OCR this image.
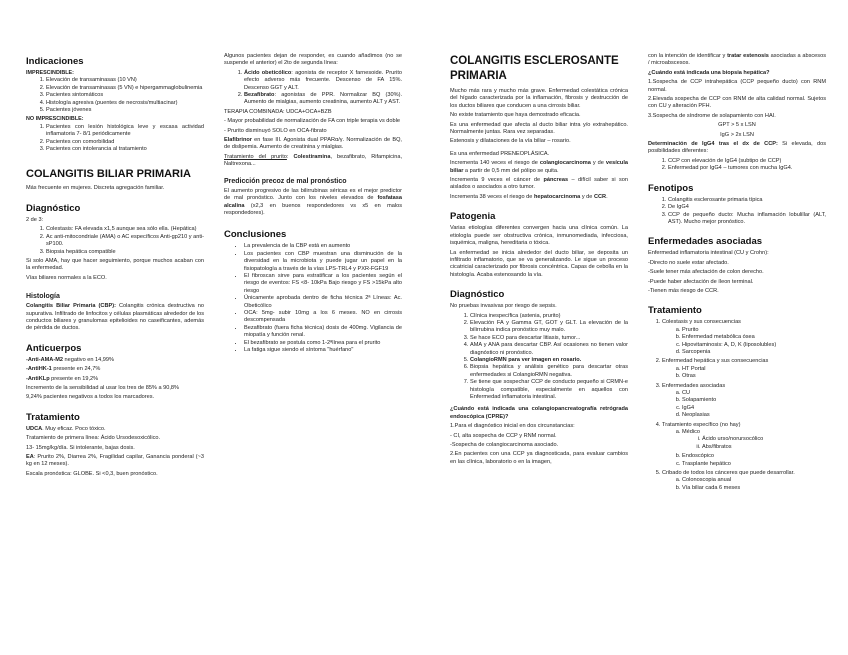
Indicaciones
IMPRESCINDIBLE:
1. Elevación de transaminasas (10 VN)
2. Elevación de transaminasas (5 VN) e hipergammaglobulinemia
3. Pacientes sintomáticos
4. Histología agresiva (puentes de necrosis/multiacinar)
5. Pacientes jóvenes
NO IMPRESCINDIBLE:
1. Pacientes con lesión histológica leve y escasa actividad inflamatoria 7- 8/1 periódicamente
2. Pacientes con comorbilidad
3. Pacientes con intolerancia al tratamiento
COLANGITIS BILIAR PRIMARIA

Más frecuente en mujeres. Discreta agregación familiar.

Diagnóstico

2 de 3:

1. Colestasis: FA elevada x1,5 aunque sea sólo ella. (Hepática)
2. Ac anti-mitocondriale (AMA) o AC específicos Anti-gp210 y anti-sP100.
3. Biopsia hepática compatible

Si solo AMA, hay que hacer seguimiento, porque muchos acaban con la enfermedad.

Vías biliares normales a la ECO.

Histología

Colangitis Biliar Primaria (CBP): Colangitis crónica destructiva no supurativa. Infiltrado de linfocitos y células plasmáticas alrededor de los conductos biliares y granulomas epitelioides no caseificantes, además de pérdida de ductos.

Anticuerpos

-Anti-AMA-M2 negativo en 14,99%

-AntiHK-1 presente en 24,7%

-AntiKLp presente en 19,2%

Incremento de la sensibilidad al usar los tres de 85% a 90,8%

9,24% pacientes negativos a todos los marcadores.

Tratamiento

UDCA. Muy eficaz. Poco tóxico.

Tratamiento de primera línea: Ácido Ursodesoxicólico.

13- 15mg/kg/día. Si intolerante, bajas dosis.

EA: Prurito 2%, Diarrea 2%, Fragilidad capilar, Ganancia ponderal (~3 kg en 12 meses).

Escala pronóstica: GLOBE. Si <0,3, buen pronóstico.

Algunos pacientes dejan de responder, es cuando añadimos (no se suspende el anterior) el 2to de segunda línea:

1. Ácido obeticólico: agonista de receptor X farnesoide. Prurito efecto adverso más frecuente. Descenso de FA 15%. Descenso GGT y ALT.
2. Bezafibrato: agonistas de PPR. Normalizar BQ (30%). Aumento de mialgias, aumento creatinina, aumento ALT y AST.

TERAPIA COMBINADA: UDCA+OCA+BZB

- Mayor probabilidad de normalización de FA con triple terapia vs doble

- Prurito disminuyó SOLO en OCA-fibrato

Elafibrinor en fase III. Agonista dual PPARα/γ. Normalización de BQ, de dislipemia. Aumento de creatinina y mialgias.

Tratamiento del prurito: Colestiramina, bezafibrato, Rifampicina, Naltrexona...

Predicción precoz de mal pronóstico

El aumento progresivo de las bilirrubinas séricas es el mejor predictor de mal pronóstico. Junto con los niveles elevados de fosfatasa alcalina (x2,3 en buenos respondedores vs x5 en malos respondedores).

Conclusiones
• La prevalencia de la CBP está en aumento
• Los pacientes con CBP muestran una disminución de la diversidad en la microbiota y puede jugar un papel en la fisiopatología a través de la vías LPS-TRL4 y PXR-FGF19
• El fibroscan sirve para estratificar a los pacientes según el riesgo de eventos: FS <8- 10kPa Bajo riesgo y FS >15kPa alto riesgo
• Únicamente aprobada dentro de ficha técnica 2ª Líneas: Ac. Obeticólico
• OCA: 5mg- subir 10mg a los 6 meses. NO en cirrosis descompensada
• Bezafibrato (fuera ficha técnica) dosis de 400mg. Vigilancia de miopatía y función renal.
• El bezafibrato se postula como 1-2ªlínea para el prurito
• La fatiga sigue siendo el síntoma "huérfano"
COLANGITIS ESCLEROSANTE PRIMARIA

Mucho más rara y mucho más grave. Enfermedad colestática crónica del hígado caracterizada por la inflamación, fibrosis y destrucción de los ductos biliares que conducen a una cirrosis biliar.

No existe tratamiento que haya demostrado eficacia.

Es una enfermedad que afecta al ducto biliar intra y/o extrahepático. Normalmente juntas. Rara vez separadas.

Estenosis y dilataciones de la vía biliar – rosario.

Es una enfermedad PRENEOPLÁSICA.

Incrementa 140 veces el riesgo de colangiocarcinoma y de vesícula biliar a partir de 0,5 mm del pólipo se quita.

Incrementa 9 veces el cáncer de páncreas – difícil saber si son aislados o asociados a otro tumor.

Incrementa 38 veces el riesgo de hepatocarcinoma y de CCR.

Patogenia

Varias etiologías diferentes convergen hacia una clínica común. La etiología puede ser obstructiva crónica, inmunomediada, infecciosa, isquémica, maligna, hereditaria o tóxica.

La enfermedad se inicia alrededor del ducto biliar, se deposita un infiltrado inflamatorio, que se va generalizando. Le sigue un proceso cicatricial caracterizado por fibrosis concéntrica. Capas de cebolla en la histología. Acaba estenosando la vía.

Diagnóstico

No pruebas invasivas por riesgo de sepsis.

1. Clínica inespecífica (astenia, prurito)
2. Elevación FA y Gamma GT, GOT y GLT. La elevación de la bilirrubina indica pronóstico muy malo.
3. Se hace ECO para descartar litiasis, tumor...
4. AMA y ANA para descartar CBP. Así ocasiones no tienen valor diagnóstico ni pronóstico.
5. ColangioRMN para ver imagen en rosario.
6. Biopsia hepática y análisis genético para descartar otras enfermedades si ColangioRMN negativa.
7. Se tiene que sospechar CCP de conducto pequeño si CRMN-e histología compatible, especialmente en aquellos con Enfermedad inflamatoria intestinal.

¿Cuándo está indicada una colangiopancreatografía retrógrada endoscópica (CPRE)?

1.Para el diagnóstico inicial en dos circunstancias:

- CI, alta sospecha de CCP y RNM normal.

-Sospecha de colangiocarcinoma asociado.

2.En pacientes con una CCP ya diagnosticada, para evaluar cambios en las clínica, laboratorio o en la imagen,

con la intención de identificar y tratar estenosis asociadas a abscesos / microabscesos.

¿Cuándo está indicada una biopsia hepática?

1.Sospecha de CCP intrahepática (CCP pequeño ducto) con RNM normal.

2.Elevada sospecha de CCP con RNM de alta calidad normal. Sujetos con CU y alteración PFH.

3.Sospecha de síndrome de solapamiento con HAI.

GPT > 5 x LSN

IgG > 2x LSN

Determinación de IgG4 tras el dx de CCP: Si elevada, dos posibilidades diferentes:

1. CCP con elevación de IgG4 (subtipo de CCP)
2. Enfermedad por IgG4 – tumores con mucha IgG4.
Fenotipos
1. Colangitis esclerosante primaria típica
2. De IgG4
3. CCP de pequeño ducto: Mucha inflamación lobulillar (ALT, AST). Mucho mejor pronóstico.
Enfermedades asociadas

Enfermedad inflamatoria intestinal (CU y Crohn):

-Directo no suele estar afectado.

-Suele tener más afectación de colon derecho.

-Puede haber afectación de íleon terminal.

-Tienen más riesgo de CCR.

Tratamiento
1. Colestasis y sus consecuencias
a. Prurito
b. Enfermedad metabólica ósea
c. Hipovitaminosis: A, D, K (liposolubles)
d. Sarcopenia
2. Enfermedad hepática y sus consecuencias
a. HT Portal
b. Otras
3. Enfermedades asociadas
a. CU
b. Solapamiento
c. IgG4
d. Neoplasias
4. Tratamiento específico (no hay)
a. Médico
i. Ácido urso/norursocólico
ii. Abs/fibratos
b. Endoscópico
c. Trasplante hepático
5. Cribado de todos los cánceres que puede desarrollar.
a. Colonoscopia anual
b. Vía biliar cada 6 meses
